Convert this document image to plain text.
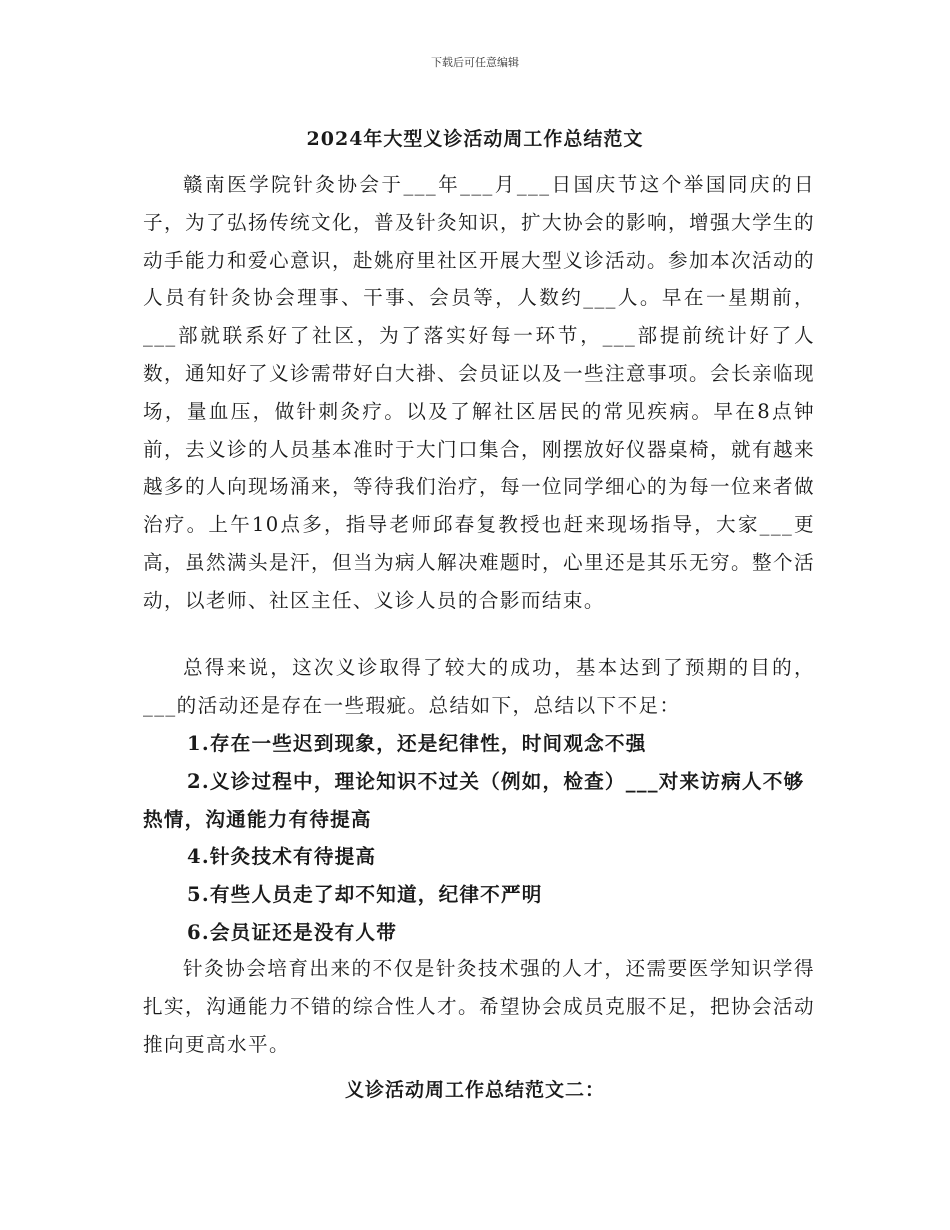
下载后可任意编辑
2024年大型义诊活动周工作总结范文

赣南医学院针灸协会于___年___月___日国庆节这个举国同庆的日子，为了弘扬传统文化，普及针灸知识，扩大协会的影响，增强大学生的动手能力和爱心意识，赴姚府里社区开展大型义诊活动。参加本次活动的人员有针灸协会理事、干事、会员等，人数约___人。早在一星期前，___部就联系好了社区，为了落实好每一环节，___部提前统计好了人数，通知好了义诊需带好白大褂、会员证以及一些注意事项。会长亲临现场，量血压，做针刺灸疗。以及了解社区居民的常见疾病。早在8点钟前，去义诊的人员基本准时于大门口集合，刚摆放好仪器桌椅，就有越来越多的人向现场涌来，等待我们治疗，每一位同学细心的为每一位来者做治疗。上午10点多，指导老师邱春复教授也赶来现场指导，大家___更高，虽然满头是汗，但当为病人解决难题时，心里还是其乐无穷。整个活动，以老师、社区主任、义诊人员的合影而结束。

总得来说，这次义诊取得了较大的成功，基本达到了预期的目的，___的活动还是存在一些瑕疵。总结如下，总结以下不足：

1.存在一些迟到现象，还是纪律性，时间观念不强
2.义诊过程中，理论知识不过关（例如，检查）___对来访病人不够热情，沟通能力有待提高
4.针灸技术有待提高
5.有些人员走了却不知道，纪律不严明
6.会员证还是没有人带

针灸协会培育出来的不仅是针灸技术强的人才，还需要医学知识学得扎实，沟通能力不错的综合性人才。希望协会成员克服不足，把协会活动推向更高水平。

义诊活动周工作总结范文二：
